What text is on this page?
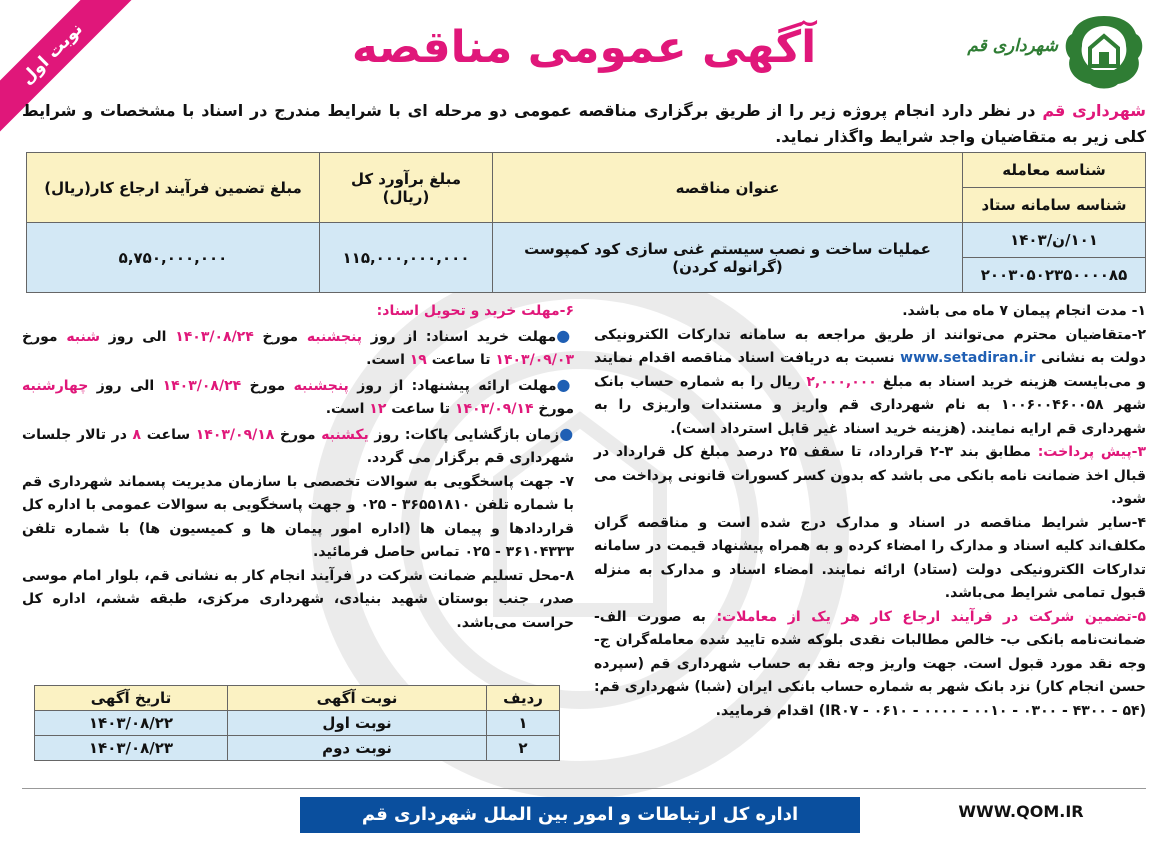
نوبت اول	آگهی عمومی مناقصه	شهرداری قم
شهرداری قم در نظر دارد انجام پروژه زیر را از طریق برگزاری مناقصه عمومی دو مرحله ای با شرایط مندرج در اسناد با مشخصات و شرایط کلی زیر به متقاضیان واجد شرایط واگذار نماید.
شناسه معامله	عنوان مناقصه	مبلغ برآورد کل (ریال)	مبلغ تضمین فرآیند ارجاع کار(ریال)
شناسه سامانه ستاد			
۱۰۱/ن/۱۴۰۳	عملیات ساخت و نصب سیستم غنی سازی کود کمپوست (گرانوله کردن)	۱۱۵,۰۰۰,۰۰۰,۰۰۰	۵,۷۵۰,۰۰۰,۰۰۰
۲۰۰۳۰۵۰۲۳۵۰۰۰۰۸۵			

۱- مدت انجام پیمان ۷ ماه می باشد.

۲-متقاضیان محترم می‌توانند از طریق مراجعه به سامانه تدارکات الکترونیکی دولت به نشانی www.setadiran.ir نسبت به دریافت اسناد مناقصه اقدام نمایند و می‌بایست هزینه خرید اسناد به مبلغ ۲,۰۰۰,۰۰۰ ریال را به شماره حساب بانک شهر ۱۰۰۶۰۰۴۶۰۰۵۸ به نام شهرداری قم واریز و مستندات واریزی را به شهرداری قم ارایه نمایند. (هزینه خرید اسناد غیر قابل استرداد است).

۳-پیش پرداخت: مطابق بند ۳-۲ قرارداد، تا سقف ۲۵ درصد مبلغ کل قرارداد در قبال اخذ ضمانت نامه بانکی می باشد که بدون کسر کسورات قانونی پرداخت می شود.

۴-سایر شرایط مناقصه در اسناد و مدارک درج شده است و مناقصه گران مکلف‌اند کلیه اسناد و مدارک را امضاء کرده و به همراه پیشنهاد قیمت در سامانه تدارکات الکترونیکی دولت (ستاد) ارائه نمایند. امضاء اسناد و مدارک به منزله قبول تمامی شرایط می‌باشد.

۵-تضمین شرکت در فرآیند ارجاع کار هر یک از معاملات: به صورت الف- ضمانت‌نامه بانکی ب- خالص مطالبات نقدی بلوکه شده تایید شده معامله‌گران ج- وجه نقد مورد قبول است. جهت واریز وجه نقد به حساب شهرداری قم (سپرده حسن انجام کار) نزد بانک شهر به شماره حساب بانکی ایران (شبا) شهرداری قم: (۵۴ - ۴۳۰۰ - ۰۳۰۰ - ۰۰۱۰ - ۰۰۰۰ - ۰۶۱۰ - IR۰۷) اقدام فرمایید.

۶-مهلت خرید و تحویل اسناد:

●مهلت خرید اسناد: از روز پنجشنبه مورخ ۱۴۰۳/۰۸/۲۴ الی روز شنبه مورخ ۱۴۰۳/۰۹/۰۳ تا ساعت ۱۹ است.

●مهلت ارائه پیشنهاد: از روز پنجشنبه مورخ ۱۴۰۳/۰۸/۲۴ الی روز چهارشنبه مورخ ۱۴۰۳/۰۹/۱۴ تا ساعت ۱۲ است.

●زمان بازگشایی پاکات: روز یکشنبه مورخ ۱۴۰۳/۰۹/۱۸ ساعت ۸ در تالار جلسات شهرداری قم برگزار می گردد.

۷- جهت پاسخگویی به سوالات تخصصی با سازمان مدیریت پسماند شهرداری قم با شماره تلفن ۳۶۵۵۱۸۱۰ - ۰۲۵ و جهت پاسخگویی به سوالات عمومی با اداره کل قراردادها و پیمان ها (اداره امور پیمان ها و کمیسیون ها) با شماره تلفن ۳۶۱۰۴۳۳۳ - ۰۲۵ تماس حاصل فرمائید.

۸-محل تسلیم ضمانت شرکت در فرآیند انجام کار به نشانی قم، بلوار امام موسی صدر، جنب بوستان شهید بنیادی، شهرداری مرکزی، طبقه ششم، اداره کل حراست می‌باشد.

ردیف	نوبت آگهی	تاریخ آگهی
۱	نوبت اول	۱۴۰۳/۰۸/۲۲
۲	نوبت دوم	۱۴۰۳/۰۸/۲۳
اداره کل ارتباطات و امور بین الملل شهرداری قم	WWW.QOM.IR
